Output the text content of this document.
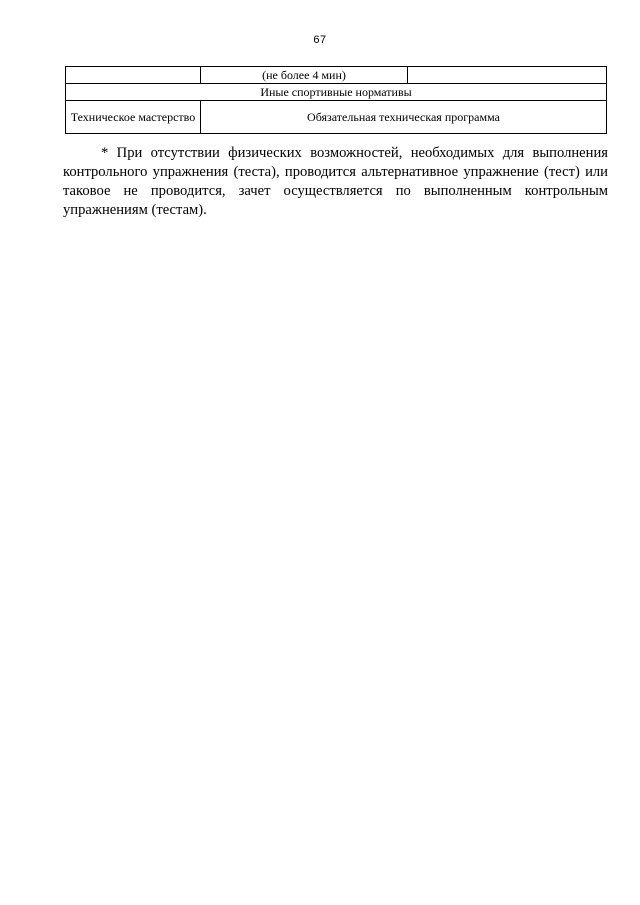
67
	(не более 4 мин)	
Иные спортивные нормативы		
Техническое мастерство	Обязательная техническая программа	

* При отсутствии физических возможностей, необходимых для выполнения контрольного упражнения (теста), проводится альтернативное упражнение (тест) или таковое не проводится, зачет осуществляется по выполненным контрольным упражнениям (тестам).
